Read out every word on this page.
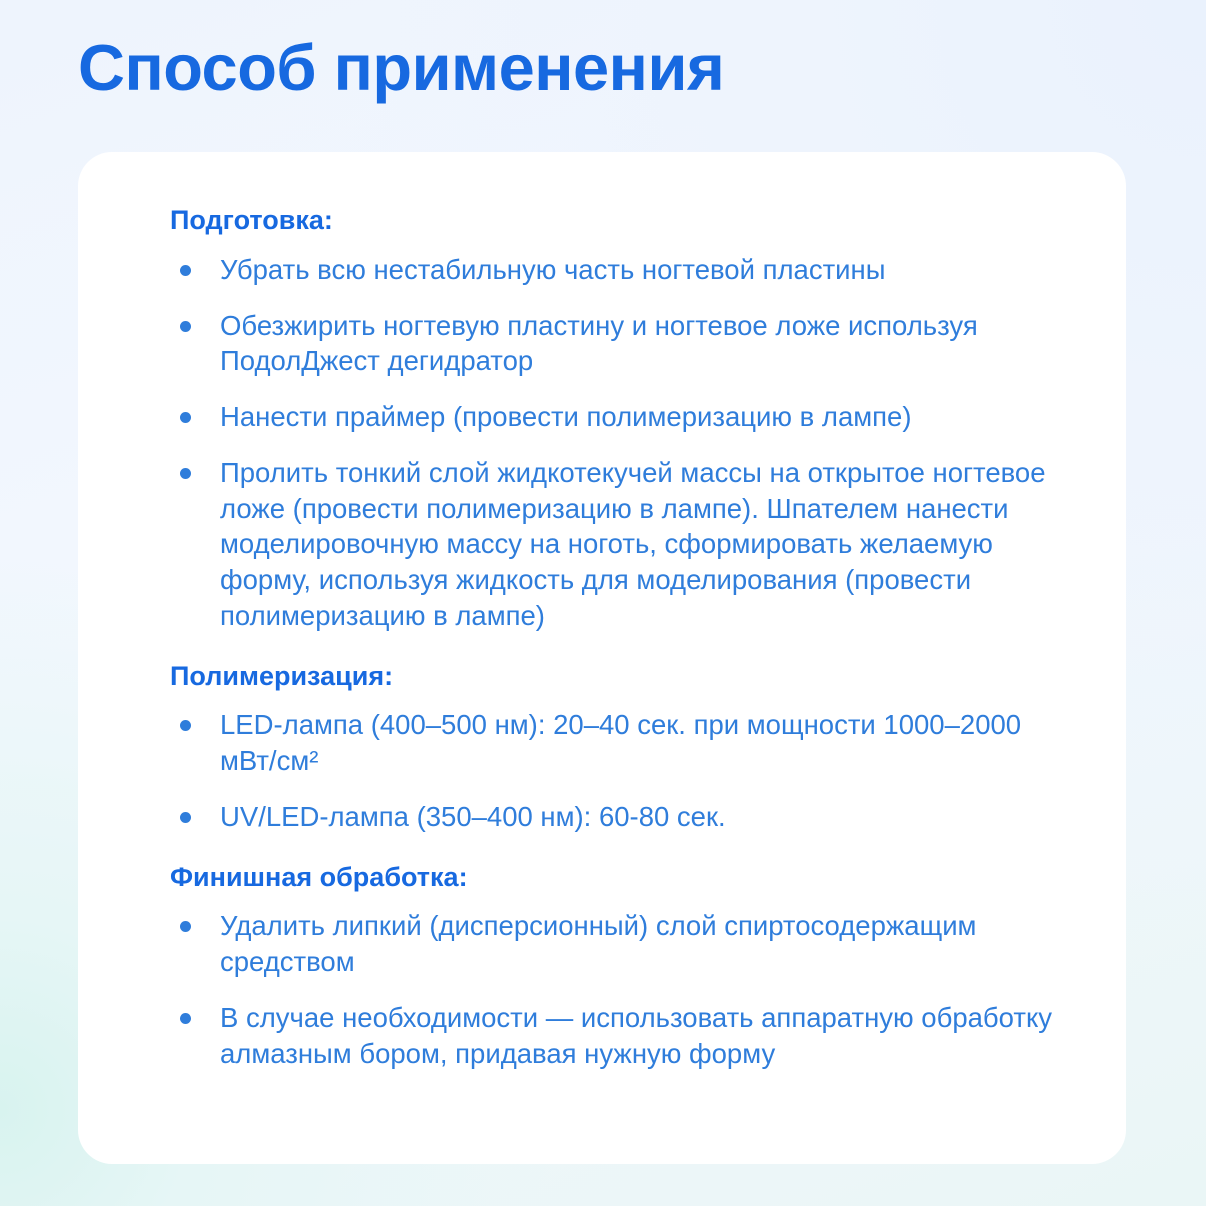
Способ применения
Подготовка:
Убрать всю нестабильную часть ногтевой пластины
Обезжирить ногтевую пластину и ногтевое ложе используя ПодолДжест дегидратор
Нанести праймер (провести полимеризацию в лампе)
Пролить тонкий слой жидкотекучей массы на открытое ногтевое ложе (провести полимеризацию в лампе). Шпателем нанести моделировочную массу на ноготь, сформировать желаемую форму, используя жидкость для моделирования (провести полимеризацию в лампе)
Полимеризация:
LED-лампа (400–500 нм): 20–40 сек. при мощности 1000–2000 мВт/см²
UV/LED-лампа (350–400 нм): 60-80 сек.
Финишная обработка:
Удалить липкий (дисперсионный) слой спиртосодержащим средством
В случае необходимости — использовать аппаратную обработку алмазным бором, придавая нужную форму
